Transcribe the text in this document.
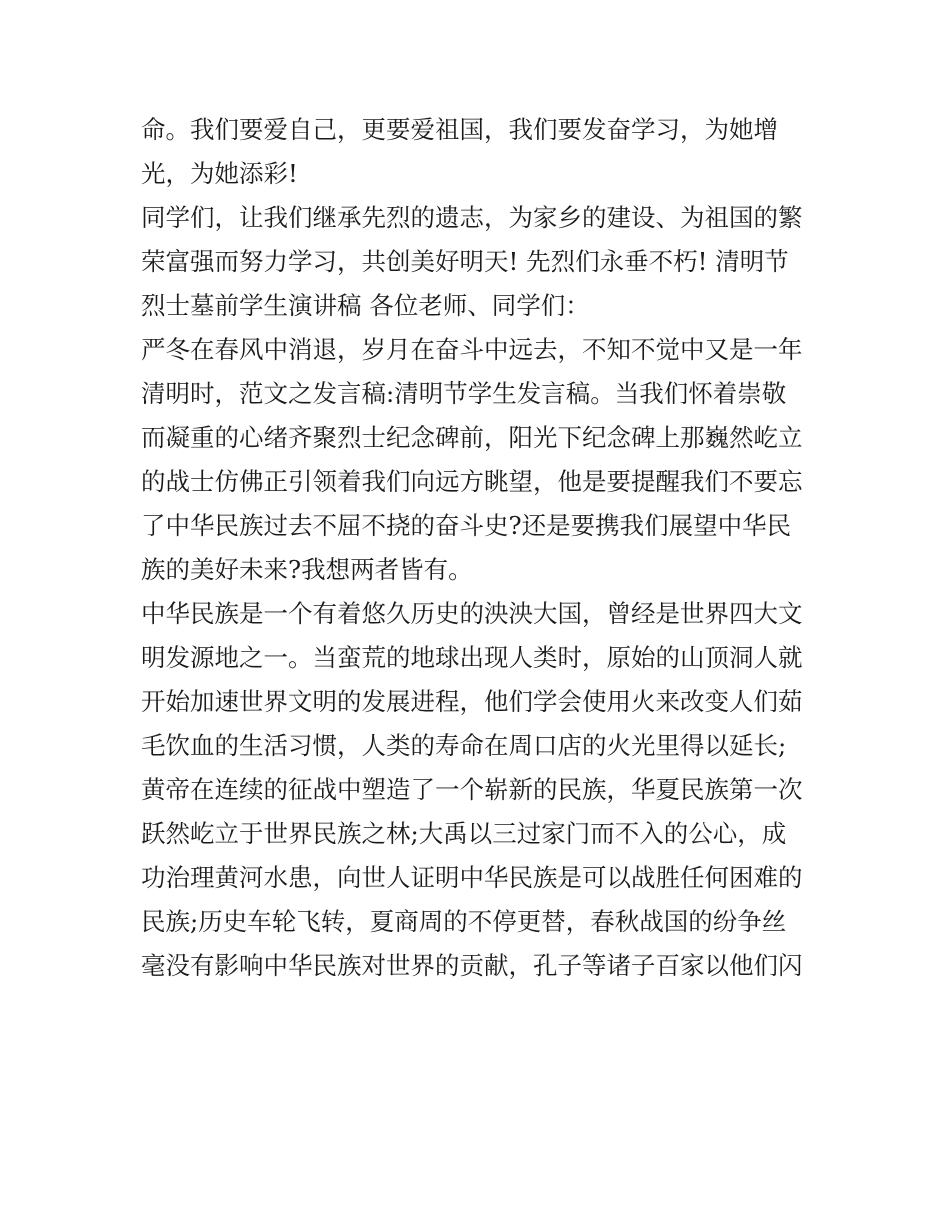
命。我们要爱自己，更要爱祖国，我们要发奋学习，为她增
光，为她添彩!
同学们，让我们继承先烈的遗志，为家乡的建设、为祖国的繁
荣富强而努力学习，共创美好明天! 先烈们永垂不朽! 清明节
烈士墓前学生演讲稿 各位老师、同学们：
严冬在春风中消退，岁月在奋斗中远去，不知不觉中又是一年
清明时，范文之发言稿:清明节学生发言稿。当我们怀着崇敬
而凝重的心绪齐聚烈士纪念碑前，阳光下纪念碑上那巍然屹立
的战士仿佛正引领着我们向远方眺望，他是要提醒我们不要忘
了中华民族过去不屈不挠的奋斗史?还是要携我们展望中华民
族的美好未来?我想两者皆有。
中华民族是一个有着悠久历史的泱泱大国，曾经是世界四大文
明发源地之一。当蛮荒的地球出现人类时，原始的山顶洞人就
开始加速世界文明的发展进程，他们学会使用火来改变人们茹
毛饮血的生活习惯，人类的寿命在周口店的火光里得以延长;
黄帝在连续的征战中塑造了一个崭新的民族，华夏民族第一次
跃然屹立于世界民族之林;大禹以三过家门而不入的公心，成
功治理黄河水患，向世人证明中华民族是可以战胜任何困难的
民族;历史车轮飞转，夏商周的不停更替，春秋战国的纷争丝
毫没有影响中华民族对世界的贡献，孔子等诸子百家以他们闪
